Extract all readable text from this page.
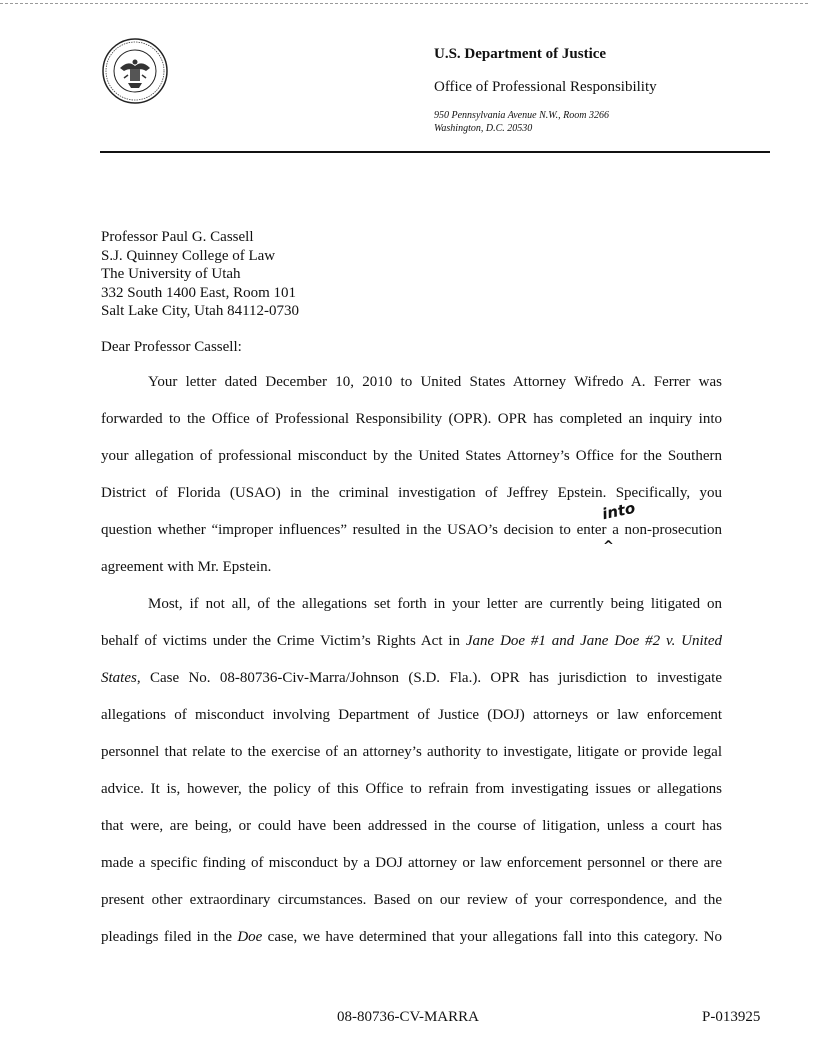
U.S. Department of Justice
Office of Professional Responsibility
950 Pennsylvania Avenue N.W., Room 3266
Washington, D.C. 20530
Professor Paul G. Cassell
S.J. Quinney College of Law
The University of Utah
332 South 1400 East, Room 101
Salt Lake City, Utah 84112-0730
Dear Professor Cassell:
Your letter dated December 10, 2010 to United States Attorney Wifredo A. Ferrer was
forwarded to the Office of Professional Responsibility (OPR). OPR has completed an inquiry into
your allegation of professional misconduct by the United States Attorney’s Office for the Southern
District of Florida (USAO) in the criminal investigation of Jeffrey Epstein. Specifically, you
question whether “improper influences” resulted in the USAO’s decision to enter a non-prosecution
agreement with Mr. Epstein.
into
^
Most, if not all, of the allegations set forth in your letter are currently being litigated on
behalf of victims under the Crime Victim’s Rights Act in Jane Doe #1 and Jane Doe #2 v. United
States, Case No. 08-80736-Civ-Marra/Johnson (S.D. Fla.). OPR has jurisdiction to investigate
allegations of misconduct involving Department of Justice (DOJ) attorneys or law enforcement
personnel that relate to the exercise of an attorney’s authority to investigate, litigate or provide legal
advice. It is, however, the policy of this Office to refrain from investigating issues or allegations
that were, are being, or could have been addressed in the course of litigation, unless a court has
made a specific finding of misconduct by a DOJ attorney or law enforcement personnel or there are
present other extraordinary circumstances. Based on our review of your correspondence, and the
pleadings filed in the Doe case, we have determined that your allegations fall into this category. No
08-80736-CV-MARRA	P-013925
